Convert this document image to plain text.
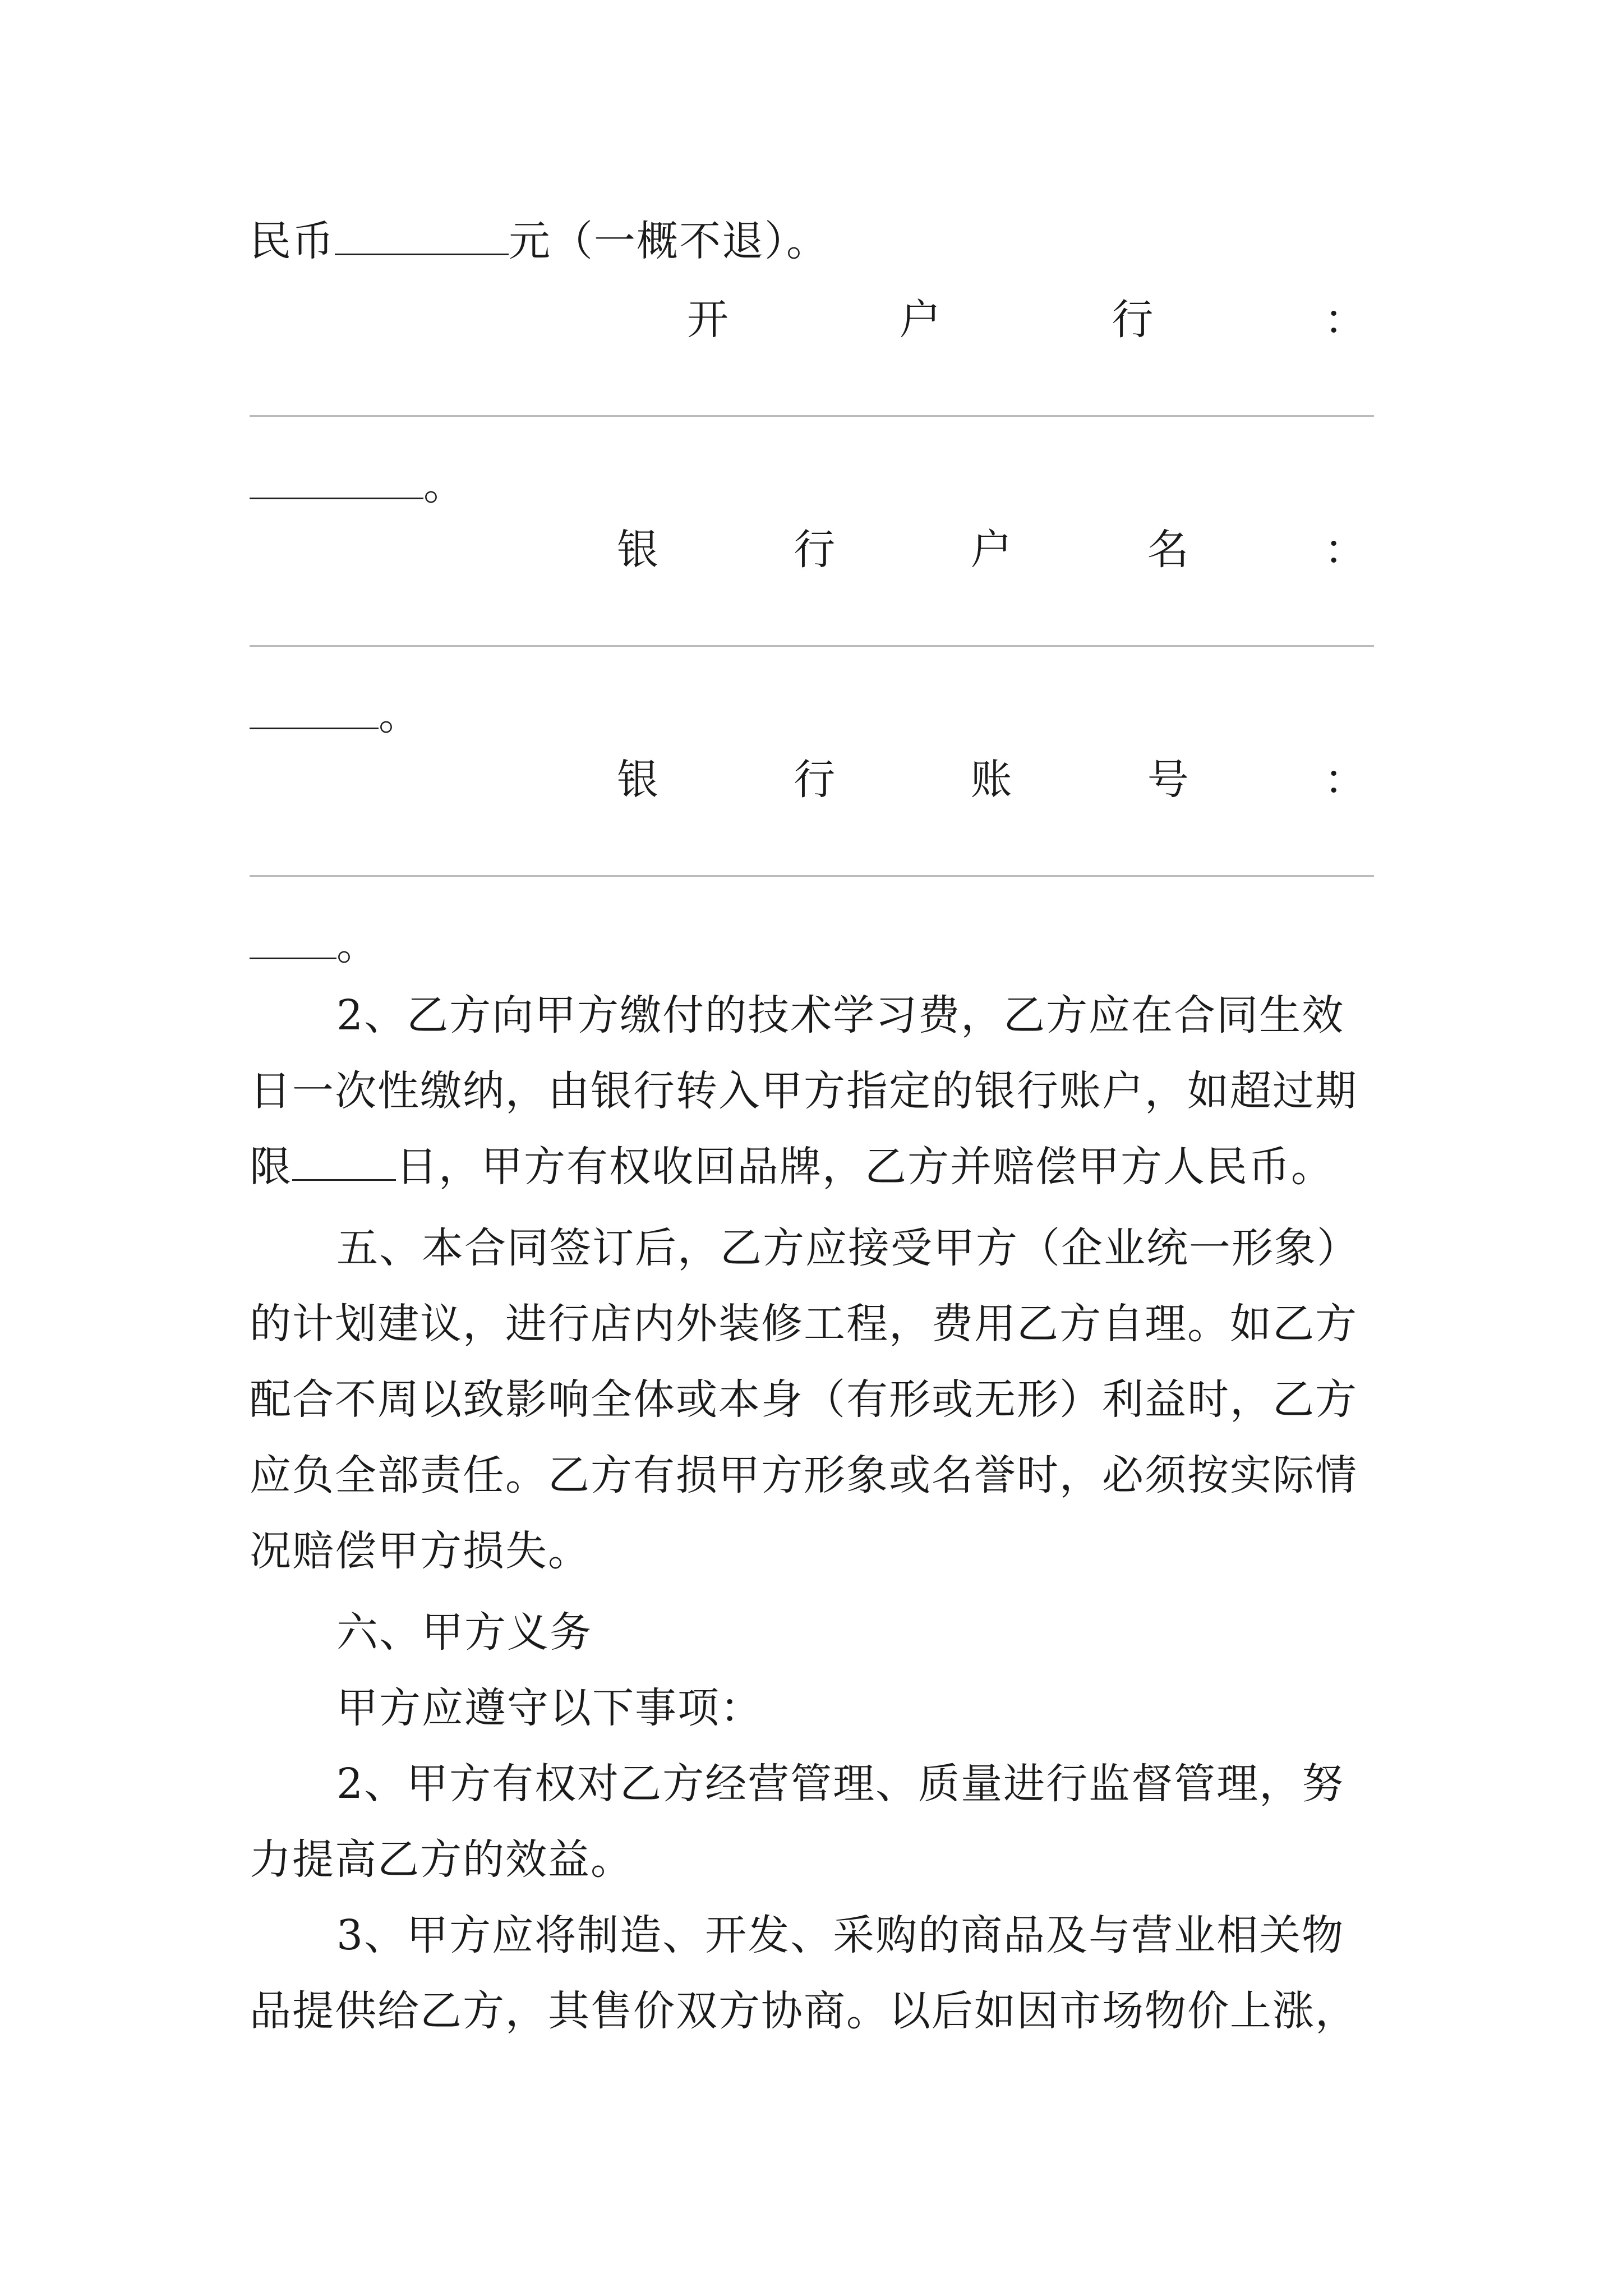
民币	元（一概不退）。
开	户	行	：
。
银	行	户	名	：
。
银	行	账	号	：
。
2、乙方向甲方缴付的技术学习费，乙方应在合同生效
日一次性缴纳，由银行转入甲方指定的银行账户，如超过期
限	日，甲方有权收回品牌，乙方并赔偿甲方人民币。
五、本合同签订后，乙方应接受甲方（企业统一形象）
的计划建议，进行店内外装修工程，费用乙方自理。如乙方
配合不周以致影响全体或本身（有形或无形）利益时，乙方
应负全部责任。乙方有损甲方形象或名誉时，必须按实际情
况赔偿甲方损失。
六、甲方义务
甲方应遵守以下事项：
2、甲方有权对乙方经营管理、质量进行监督管理，努
力提高乙方的效益。
3、甲方应将制造、开发、采购的商品及与营业相关物
品提供给乙方，其售价双方协商。以后如因市场物价上涨，
